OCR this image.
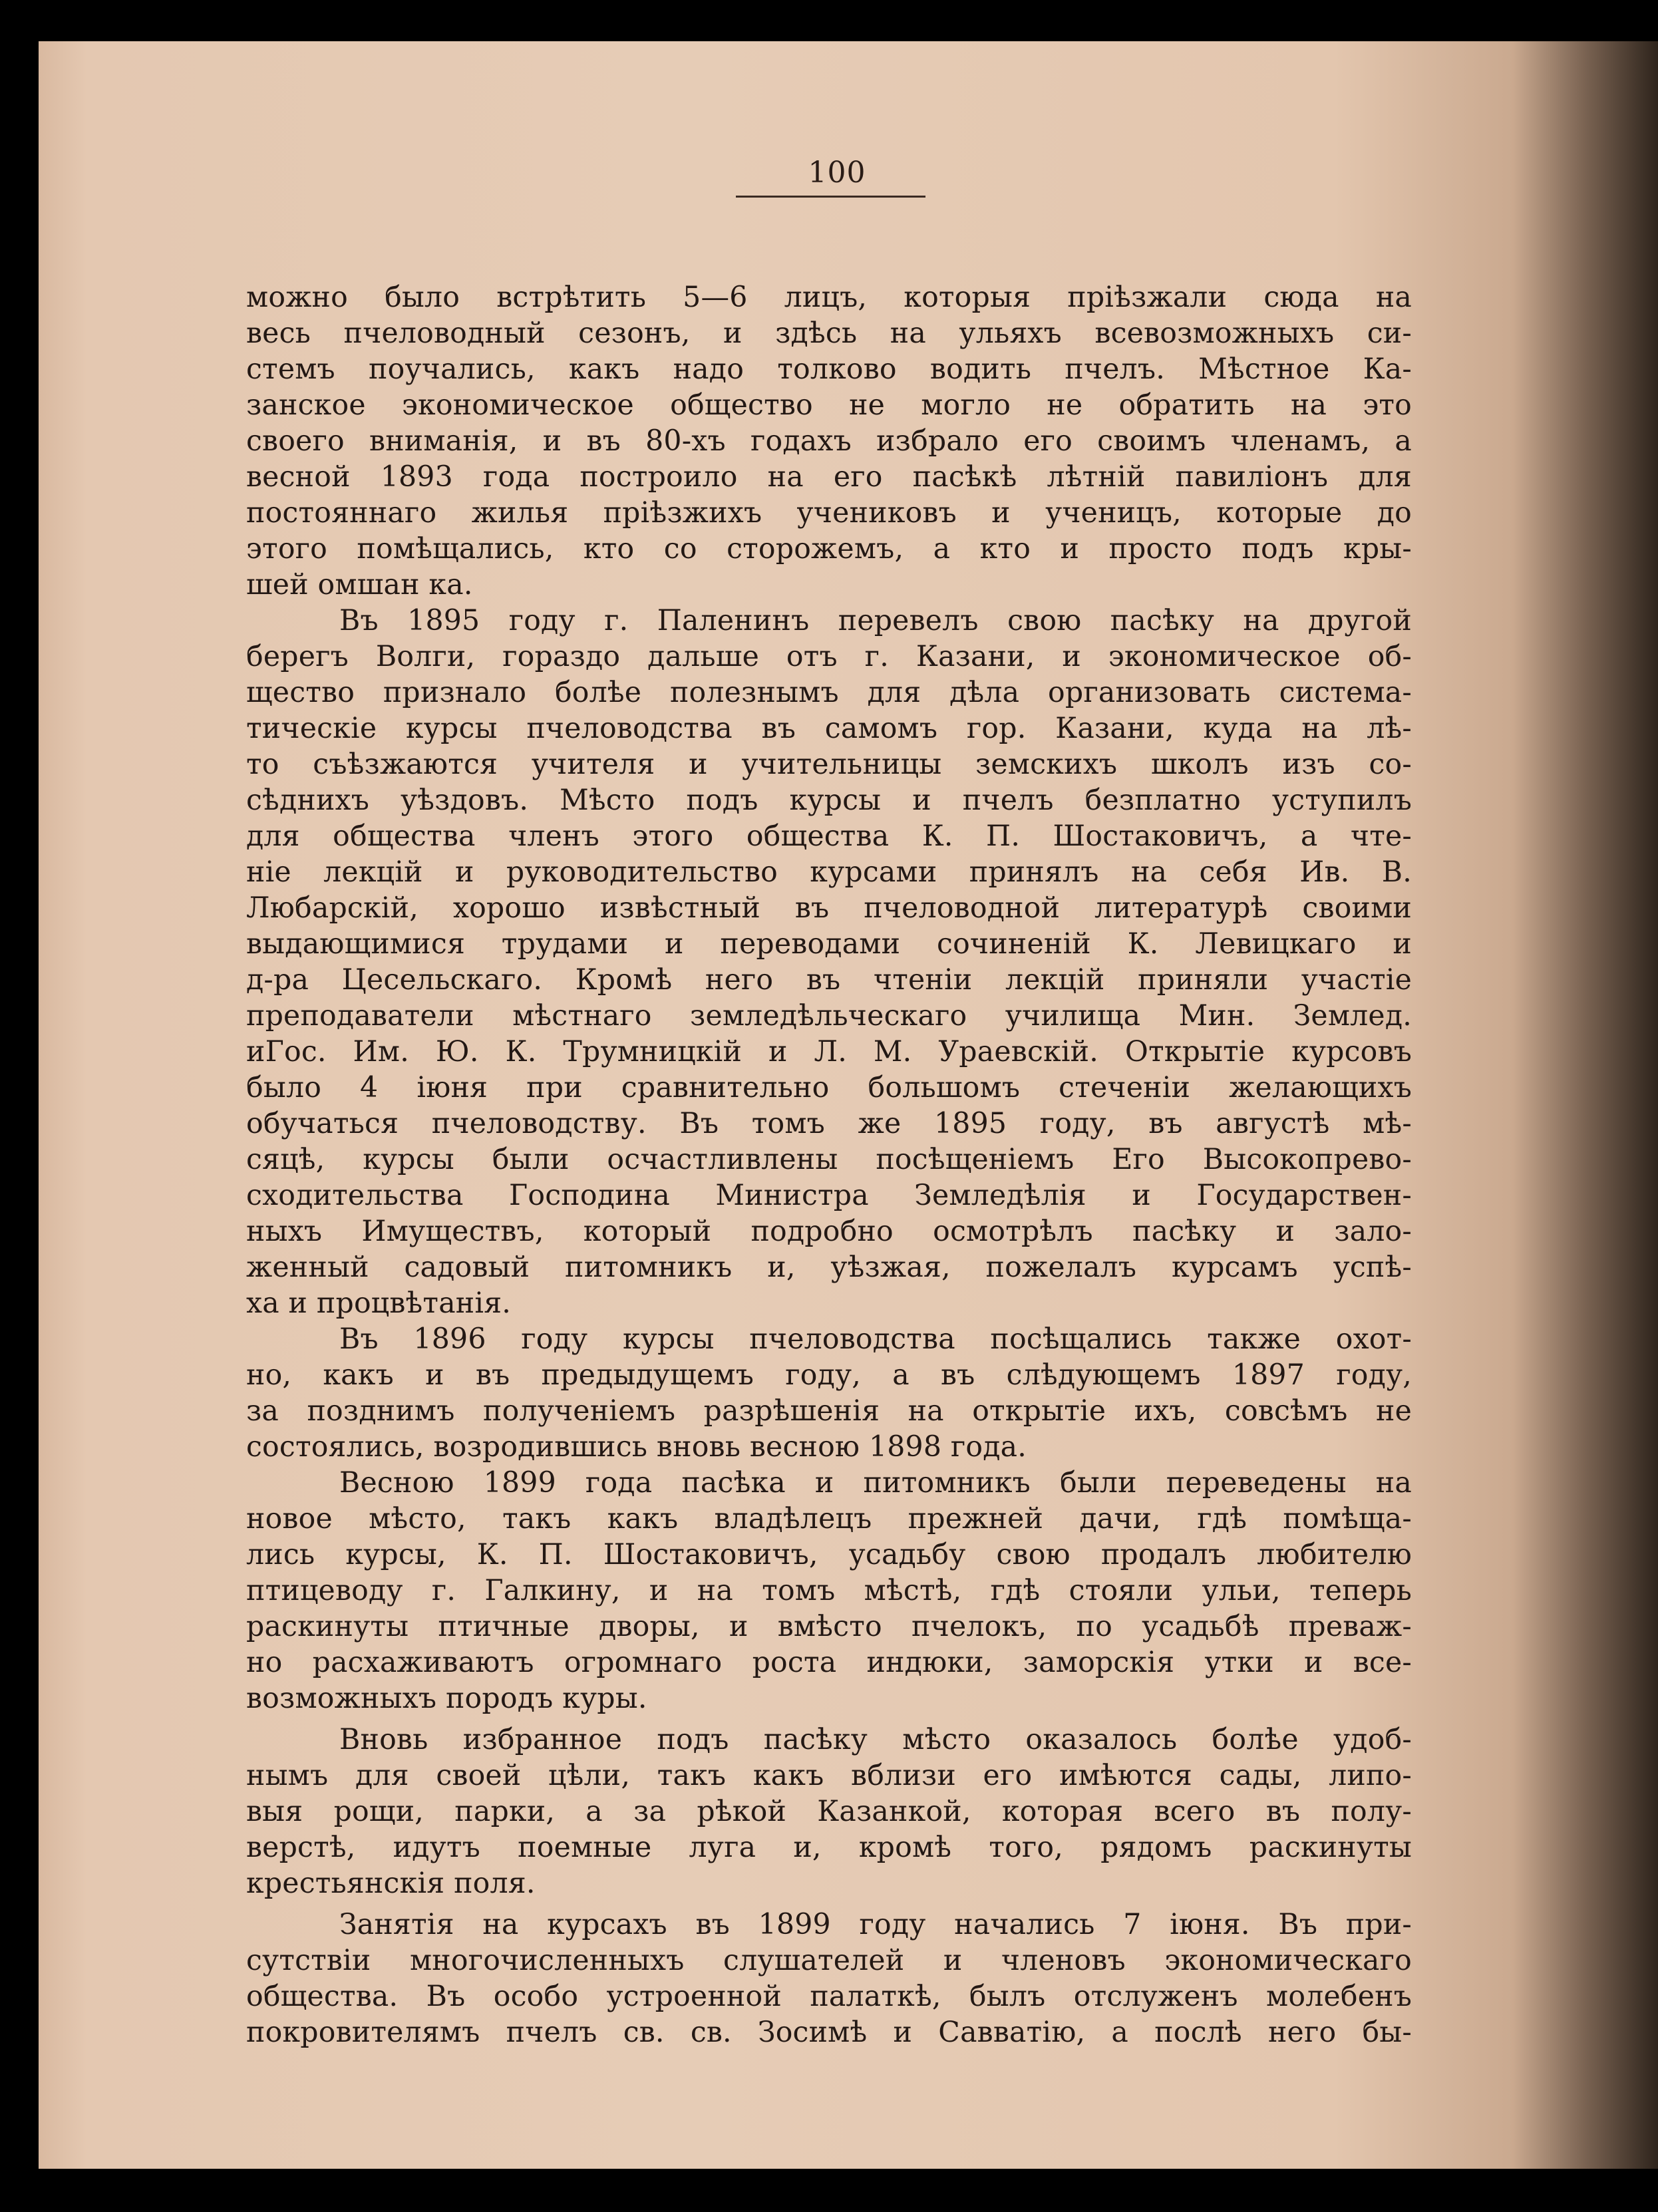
100
можно было встрѣтить 5—6 лицъ, которыя пріѣзжали сюда на
весь пчеловодный сезонъ, и здѣсь на ульяхъ всевозможныхъ си-
стемъ поучались, какъ надо толково водить пчелъ. Мѣстное Ка-
занское экономическое общество не могло не обратить на это
своего вниманія, и въ 80-хъ годахъ избрало его своимъ членамъ, а
весной 1893 года построило на его пасѣкѣ лѣтній павиліонъ для
постояннаго жилья пріѣзжихъ учениковъ и ученицъ, которые до
этого помѣщались, кто со сторожемъ, а кто и просто подъ кры-
шей омшан ка.
Въ 1895 году г. Паленинъ перевелъ свою пасѣку на другой
берегъ Волги, гораздо дальше отъ г. Казани, и экономическое об-
щество признало болѣе полезнымъ для дѣла организовать система-
тическіе курсы пчеловодства въ самомъ гор. Казани, куда на лѣ-
то съѣзжаются учителя и учительницы земскихъ школъ изъ со-
сѣднихъ уѣздовъ. Мѣсто подъ курсы и пчелъ безплатно уступилъ
для общества членъ этого общества К. П. Шостаковичъ, а чте-
ніе лекцій и руководительство курсами принялъ на себя Ив. В.
Любарскій, хорошо извѣстный въ пчеловодной литературѣ своими
выдающимися трудами и переводами сочиненій К. Левицкаго и
д-ра Цесельскаго. Кромѣ него въ чтеніи лекцій приняли участіе
преподаватели мѣстнаго земледѣльческаго училища Мин. Землед.
иГос. Им. Ю. К. Трумницкій и Л. М. Ураевскій. Открытіе курсовъ
было 4 іюня при сравнительно большомъ стеченіи желающихъ
обучаться пчеловодству. Въ томъ же 1895 году, въ августѣ мѣ-
сяцѣ, курсы были осчастливлены посѣщеніемъ Его Высокопрево-
сходительства Господина Министра Земледѣлія и Государствен-
ныхъ Имуществъ, который подробно осмотрѣлъ пасѣку и зало-
женный садовый питомникъ и, уѣзжая, пожелалъ курсамъ успѣ-
ха и процвѣтанія.
Въ 1896 году курсы пчеловодства посѣщались также охот-
но, какъ и въ предыдущемъ году, а въ слѣдующемъ 1897 году,
за позднимъ полученіемъ разрѣшенія на открытіе ихъ, совсѣмъ не
состоялись, возродившись вновь весною 1898 года.
Весною 1899 года пасѣка и питомникъ были переведены на
новое мѣсто, такъ какъ владѣлецъ прежней дачи, гдѣ помѣща-
лись курсы, К. П. Шостаковичъ, усадьбу свою продалъ любителю
птицеводу г. Галкину, и на томъ мѣстѣ, гдѣ стояли ульи, теперь
раскинуты птичные дворы, и вмѣсто пчелокъ, по усадьбѣ преваж-
но расхаживаютъ огромнаго роста индюки, заморскія утки и все-
возможныхъ породъ куры.
Вновь избранное подъ пасѣку мѣсто оказалось болѣе удоб-
нымъ для своей цѣли, такъ какъ вблизи его имѣются сады, липо-
выя рощи, парки, а за рѣкой Казанкой, которая всего въ полу-
верстѣ, идутъ поемные луга и, кромѣ того, рядомъ раскинуты
крестьянскія поля.
Занятія на курсахъ въ 1899 году начались 7 іюня. Въ при-
сутствіи многочисленныхъ слушателей и членовъ экономическаго
общества. Въ особо устроенной палаткѣ, былъ отслуженъ молебенъ
покровителямъ пчелъ св. св. Зосимѣ и Савватію, а послѣ него бы-
